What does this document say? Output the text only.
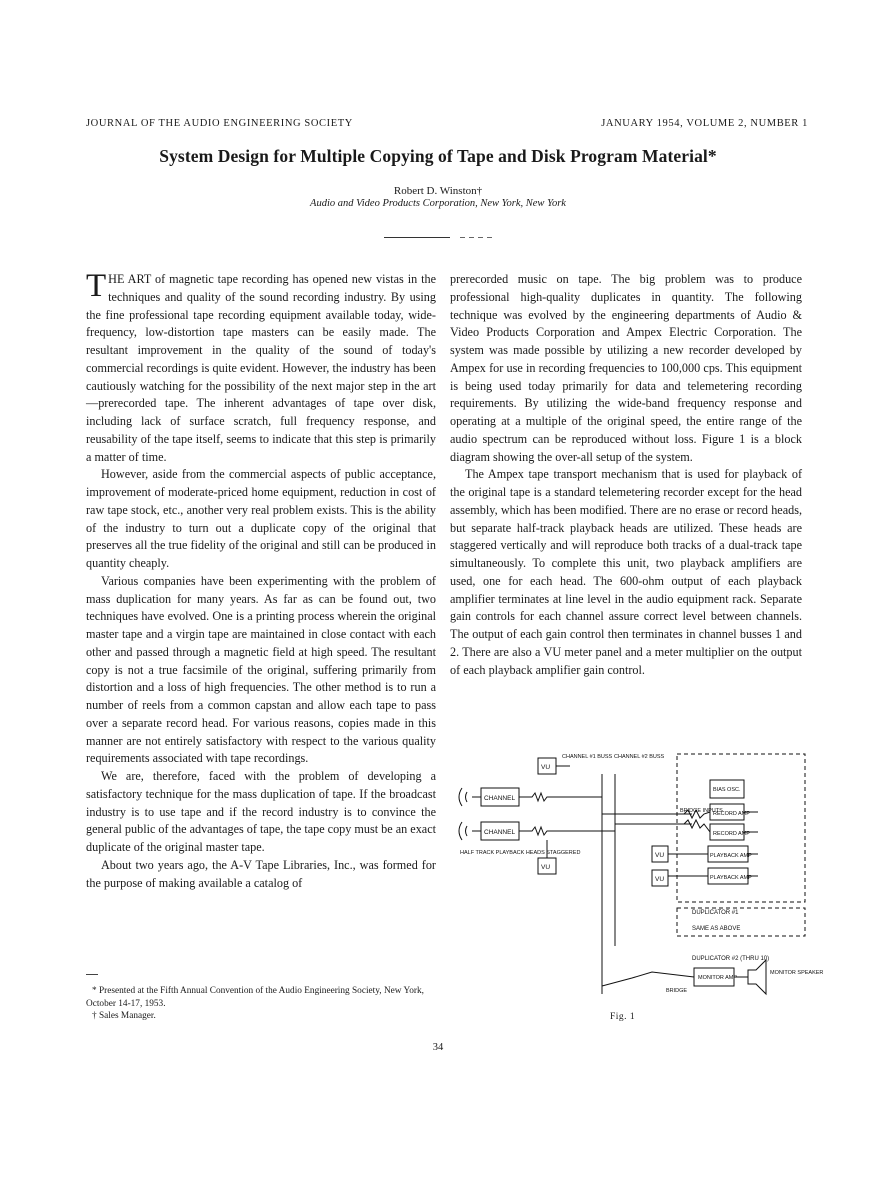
JOURNAL OF THE AUDIO ENGINEERING SOCIETY	JANUARY 1954, VOLUME 2, NUMBER 1
System Design for Multiple Copying of Tape and Disk Program Material*
Robert D. Winston†
Audio and Video Products Corporation, New York, New York

THE ART of magnetic tape recording has opened new vistas in the techniques and quality of the sound recording industry. By using the fine professional tape recording equipment available today, wide-frequency, low-distortion tape masters can be easily made. The resultant improvement in the quality of the sound of today's commercial recordings is quite evident. However, the industry has been cautiously watching for the possibility of the next major step in the art—prerecorded tape. The inherent advantages of tape over disk, including lack of surface scratch, full frequency response, and reusability of the tape itself, seems to indicate that this step is primarily a matter of time.

However, aside from the commercial aspects of public acceptance, improvement of moderate-priced home equipment, reduction in cost of raw tape stock, etc., another very real problem exists. This is the ability of the industry to turn out a duplicate copy of the original that preserves all the true fidelity of the original and still can be produced in quantity cheaply.

Various companies have been experimenting with the problem of mass duplication for many years. As far as can be found out, two techniques have evolved. One is a printing process wherein the original master tape and a virgin tape are maintained in close contact with each other and passed through a magnetic field at high speed. The resultant copy is not a true facsimile of the original, suffering primarily from distortion and a loss of high frequencies. The other method is to run a number of reels from a common capstan and allow each tape to pass over a separate record head. For various reasons, copies made in this manner are not entirely satisfactory with respect to the various quality requirements associated with tape recordings.

We are, therefore, faced with the problem of developing a satisfactory technique for the mass duplication of tape. If the broadcast industry is to use tape and if the record industry is to convince the general public of the advantages of tape, the tape copy must be an exact duplicate of the original master tape.

About two years ago, the A-V Tape Libraries, Inc., was formed for the purpose of making available a catalog of

* Presented at the Fifth Annual Convention of the Audio Engineering Society, New York, October 14-17, 1953.

† Sales Manager.

prerecorded music on tape. The big problem was to produce professional high-quality duplicates in quantity. The following technique was evolved by the engineering departments of Audio & Video Products Corporation and Ampex Electric Corporation. The system was made possible by utilizing a new recorder developed by Ampex for use in recording frequencies to 100,000 cps. This equipment is being used today primarily for data and telemetering recording requirements. By utilizing the wide-band frequency response and operating at a multiple of the original speed, the entire range of the audio spectrum can be reproduced without loss. Figure 1 is a block diagram showing the over-all setup of the system.

The Ampex tape transport mechanism that is used for playback of the original tape is a standard telemetering recorder except for the head assembly, which has been modified. There are no erase or record heads, but separate half-track playback heads are utilized. These heads are staggered vertically and will reproduce both tracks of a dual-track tape simultaneously. To complete this unit, two playback amplifiers are used, one for each head. The 600-ohm output of each playback amplifier terminates at line level in the audio equipment rack. Separate gain controls for each channel assure correct level between channels. The output of each gain control then terminates in channel busses 1 and 2. There are also a VU meter panel and a meter multiplier on the output of each playback amplifier gain control.

VU
VU
VU
VU
CHANNEL #1 BUSS CHANNEL #2 BUSS
CHANNEL
CHANNEL
HALF TRACK PLAYBACK HEADS STAGGERED
BRIDGE INPUTS
BIAS OSC.
RECORD AMP
RECORD AMP
PLAYBACK AMP
PLAYBACK AMP
DUPLICATOR #1
SAME AS ABOVE
DUPLICATOR #2 (THRU 10)
MONITOR AMP
MONITOR SPEAKER
BRIDGE
Fig. 1
34
